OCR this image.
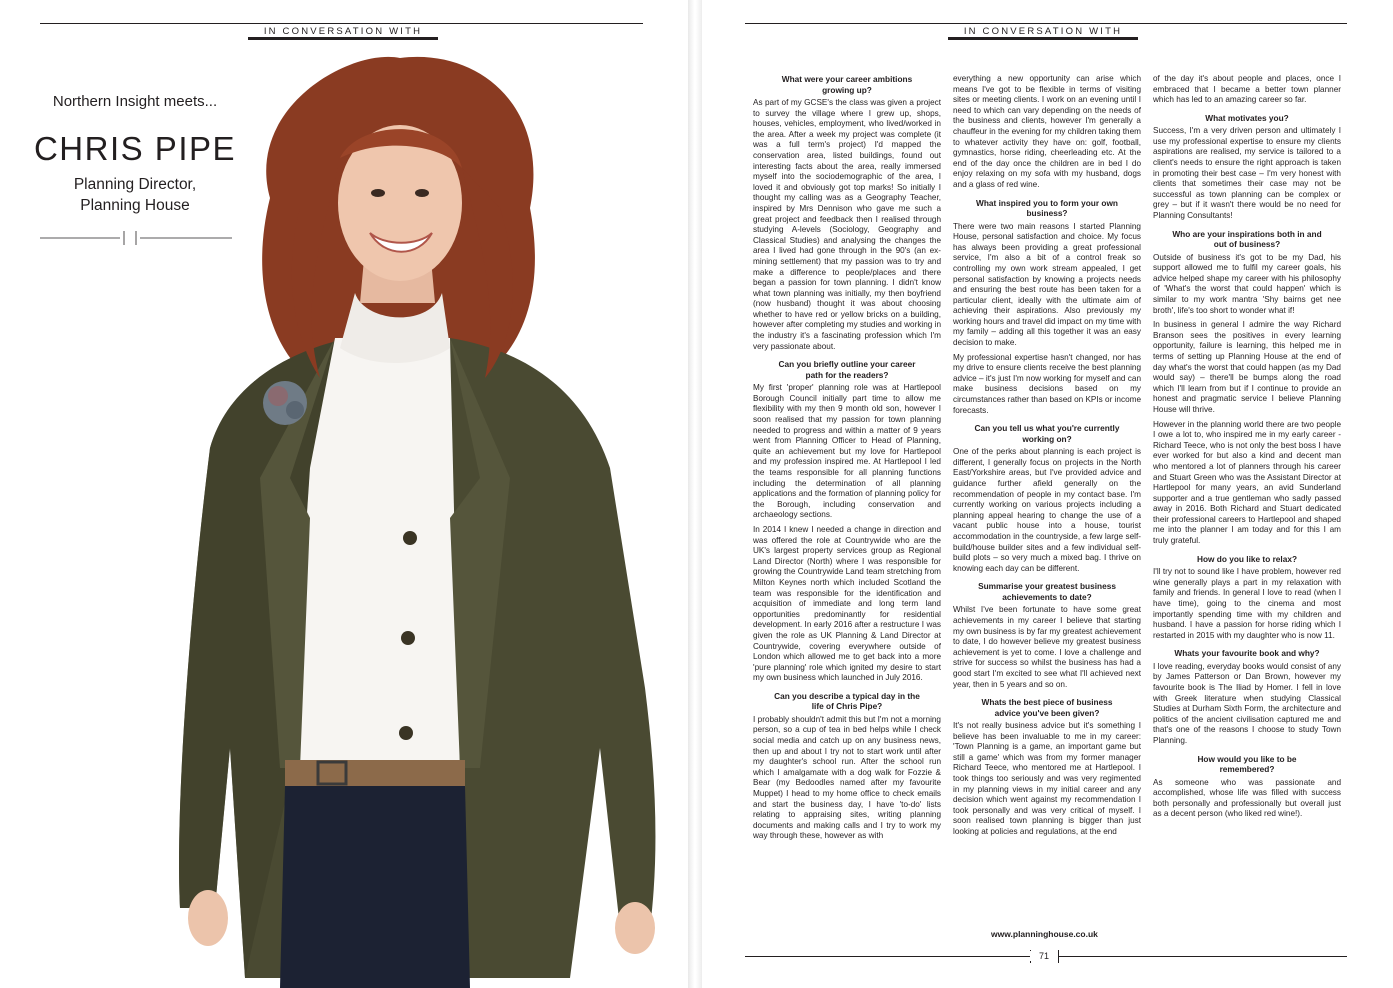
IN CONVERSATION WITH
Northern Insight meets...
CHRIS PIPE
Planning Director,
Planning House
IN CONVERSATION WITH
What were your career ambitions growing up?

As part of my GCSE's the class was given a project to survey the village where I grew up, shops, houses, vehicles, employment, who lived/worked in the area. After a week my project was complete (it was a full term's project) I'd mapped the conservation area, listed buildings, found out interesting facts about the area, really immersed myself into the sociodemographic of the area, I loved it and obviously got top marks! So initially I thought my calling was as a Geography Teacher, inspired by Mrs Dennison who gave me such a great project and feedback then I realised through studying A-levels (Sociology, Geography and Classical Studies) and analysing the changes the area I lived had gone through in the 90's (an ex-mining settlement) that my passion was to try and make a difference to people/places and there began a passion for town planning. I didn't know what town planning was initially, my then boyfriend (now husband) thought it was about choosing whether to have red or yellow bricks on a building, however after completing my studies and working in the industry it's a fascinating profession which I'm very passionate about.

Can you briefly outline your career path for the readers?

My first 'proper' planning role was at Hartlepool Borough Council initially part time to allow me flexibility with my then 9 month old son, however I soon realised that my passion for town planning needed to progress and within a matter of 9 years went from Planning Officer to Head of Planning, quite an achievement but my love for Hartlepool and my profession inspired me. At Hartlepool I led the teams responsible for all planning functions including the determination of all planning applications and the formation of planning policy for the Borough, including conservation and archaeology sections.

In 2014 I knew I needed a change in direction and was offered the role at Countrywide who are the UK's largest property services group as Regional Land Director (North) where I was responsible for growing the Countrywide Land team stretching from Milton Keynes north which included Scotland the team was responsible for the identification and acquisition of immediate and long term land opportunities predominantly for residential development. In early 2016 after a restructure I was given the role as UK Planning & Land Director at Countrywide, covering everywhere outside of London which allowed me to get back into a more 'pure planning' role which ignited my desire to start my own business which launched in July 2016.

Can you describe a typical day in the life of Chris Pipe?

I probably shouldn't admit this but I'm not a morning person, so a cup of tea in bed helps while I check social media and catch up on any business news, then up and about I try not to start work until after my daughter's school run. After the school run which I amalgamate with a dog walk for Fozzie & Bear (my Bedoodles named after my favourite Muppet) I head to my home office to check emails and start the business day, I have 'to-do' lists relating to appraising sites, writing planning documents and making calls and I try to work my way through these, however as with

everything a new opportunity can arise which means I've got to be flexible in terms of visiting sites or meeting clients. I work on an evening until I need to which can vary depending on the needs of the business and clients, however I'm generally a chauffeur in the evening for my children taking them to whatever activity they have on: golf, football, gymnastics, horse riding, cheerleading etc. At the end of the day once the children are in bed I do enjoy relaxing on my sofa with my husband, dogs and a glass of red wine.

What inspired you to form your own business?

There were two main reasons I started Planning House, personal satisfaction and choice. My focus has always been providing a great professional service, I'm also a bit of a control freak so controlling my own work stream appealed, I get personal satisfaction by knowing a projects needs and ensuring the best route has been taken for a particular client, ideally with the ultimate aim of achieving their aspirations. Also previously my working hours and travel did impact on my time with my family – adding all this together it was an easy decision to make.

My professional expertise hasn't changed, nor has my drive to ensure clients receive the best planning advice – it's just I'm now working for myself and can make business decisions based on my circumstances rather than based on KPIs or income forecasts.

Can you tell us what you're currently working on?

One of the perks about planning is each project is different, I generally focus on projects in the North East/Yorkshire areas, but I've provided advice and guidance further afield generally on the recommendation of people in my contact base. I'm currently working on various projects including a planning appeal hearing to change the use of a vacant public house into a house, tourist accommodation in the countryside, a few large self-build/house builder sites and a few individual self-build plots – so very much a mixed bag. I thrive on knowing each day can be different.

Summarise your greatest business achievements to date?

Whilst I've been fortunate to have some great achievements in my career I believe that starting my own business is by far my greatest achievement to date, I do however believe my greatest business achievement is yet to come. I love a challenge and strive for success so whilst the business has had a good start I'm excited to see what I'll achieved next year, then in 5 years and so on.

Whats the best piece of business advice you've been given?

It's not really business advice but it's something I believe has been invaluable to me in my career: 'Town Planning is a game, an important game but still a game' which was from my former manager Richard Teece, who mentored me at Hartlepool. I took things too seriously and was very regimented in my planning views in my initial career and any decision which went against my recommendation I took personally and was very critical of myself. I soon realised town planning is bigger than just looking at policies and regulations, at the end

of the day it's about people and places, once I embraced that I became a better town planner which has led to an amazing career so far.

What motivates you?

Success, I'm a very driven person and ultimately I use my professional expertise to ensure my clients aspirations are realised, my service is tailored to a client's needs to ensure the right approach is taken in promoting their best case – I'm very honest with clients that sometimes their case may not be successful as town planning can be complex or grey – but if it wasn't there would be no need for Planning Consultants!

Who are your inspirations both in and out of business?

Outside of business it's got to be my Dad, his support allowed me to fulfil my career goals, his advice helped shape my career with his philosophy of 'What's the worst that could happen' which is similar to my work mantra 'Shy bairns get nee broth', life's too short to wonder what if!

In business in general I admire the way Richard Branson sees the positives in every learning opportunity, failure is learning, this helped me in terms of setting up Planning House at the end of day what's the worst that could happen (as my Dad would say) – there'll be bumps along the road which I'll learn from but if I continue to provide an honest and pragmatic service I believe Planning House will thrive.

However in the planning world there are two people I owe a lot to, who inspired me in my early career - Richard Teece, who is not only the best boss I have ever worked for but also a kind and decent man who mentored a lot of planners through his career and Stuart Green who was the Assistant Director at Hartlepool for many years, an avid Sunderland supporter and a true gentleman who sadly passed away in 2016. Both Richard and Stuart dedicated their professional careers to Hartlepool and shaped me into the planner I am today and for this I am truly grateful.

How do you like to relax?

I'll try not to sound like I have problem, however red wine generally plays a part in my relaxation with family and friends. In general I love to read (when I have time), going to the cinema and most importantly spending time with my children and husband. I have a passion for horse riding which I restarted in 2015 with my daughter who is now 11.

Whats your favourite book and why?

I love reading, everyday books would consist of any by James Patterson or Dan Brown, however my favourite book is The Iliad by Homer. I fell in love with Greek literature when studying Classical Studies at Durham Sixth Form, the architecture and politics of the ancient civilisation captured me and that's one of the reasons I choose to study Town Planning.

How would you like to be remembered?

As someone who was passionate and accomplished, whose life was filled with success both personally and professionally but overall just as a decent person (who liked red wine!).

www.planninghouse.co.uk
71
